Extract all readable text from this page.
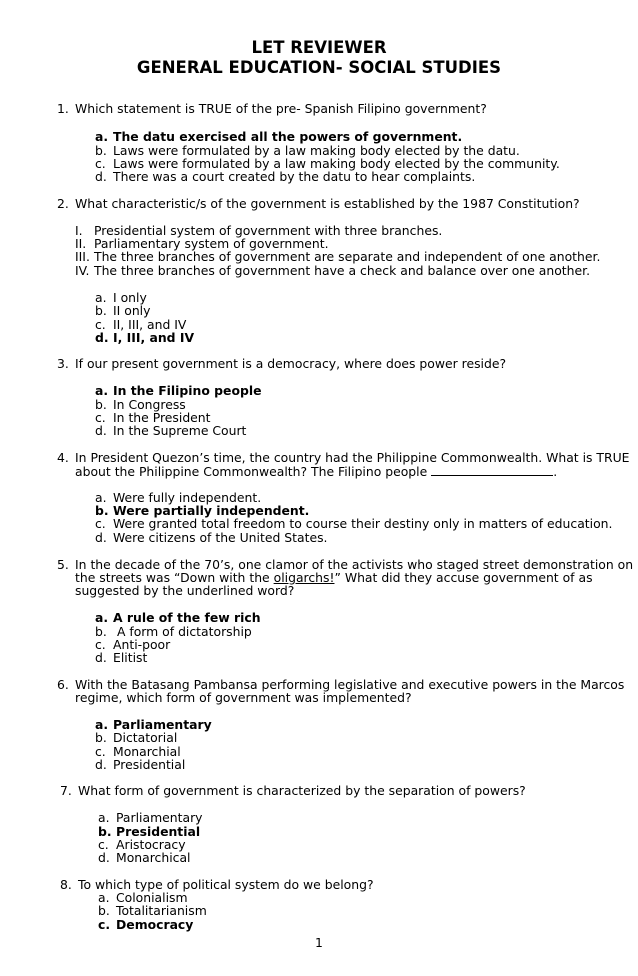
LET REVIEWER
GENERAL EDUCATION- SOCIAL STUDIES
1. Which statement is TRUE of the pre- Spanish Filipino government?
a. The datu exercised all the powers of government.
b. Laws were formulated by a law making body elected by the datu.
c. Laws were formulated by a law making body elected by the community.
d. There was a court created by the datu to hear complaints.
2. What characteristic/s of the government is established by the 1987 Constitution?
I. Presidential system of government with three branches.
II. Parliamentary system of government.
III. The three branches of government are separate and independent of one another.
IV. The three branches of government have a check and balance over one another.
a. I only
b. II only
c. II, III, and IV
d. I, III, and IV
3. If our present government is a democracy, where does power reside?
a. In the Filipino people
b. In Congress
c. In the President
d. In the Supreme Court
4. In President Quezon’s time, the country had the Philippine Commonwealth. What is TRUE
about the Philippine Commonwealth? The Filipino people	.
a. Were fully independent.
b. Were partially independent.
c. Were granted total freedom to course their destiny only in matters of education.
d. Were citizens of the United States.
5. In the decade of the 70’s, one clamor of the activists who staged street demonstration on
the streets was “Down with the oligarchs!” What did they accuse government of as
suggested by the underlined word?
a. A rule of the few rich
b. A form of dictatorship
c. Anti-poor
d. Elitist
6. With the Batasang Pambansa performing legislative and executive powers in the Marcos
regime, which form of government was implemented?
a. Parliamentary
b. Dictatorial
c. Monarchial
d. Presidential
7. What form of government is characterized by the separation of powers?
a. Parliamentary
b. Presidential
c. Aristocracy
d. Monarchical
8. To which type of political system do we belong?
a. Colonialism
b. Totalitarianism
c. Democracy
1
